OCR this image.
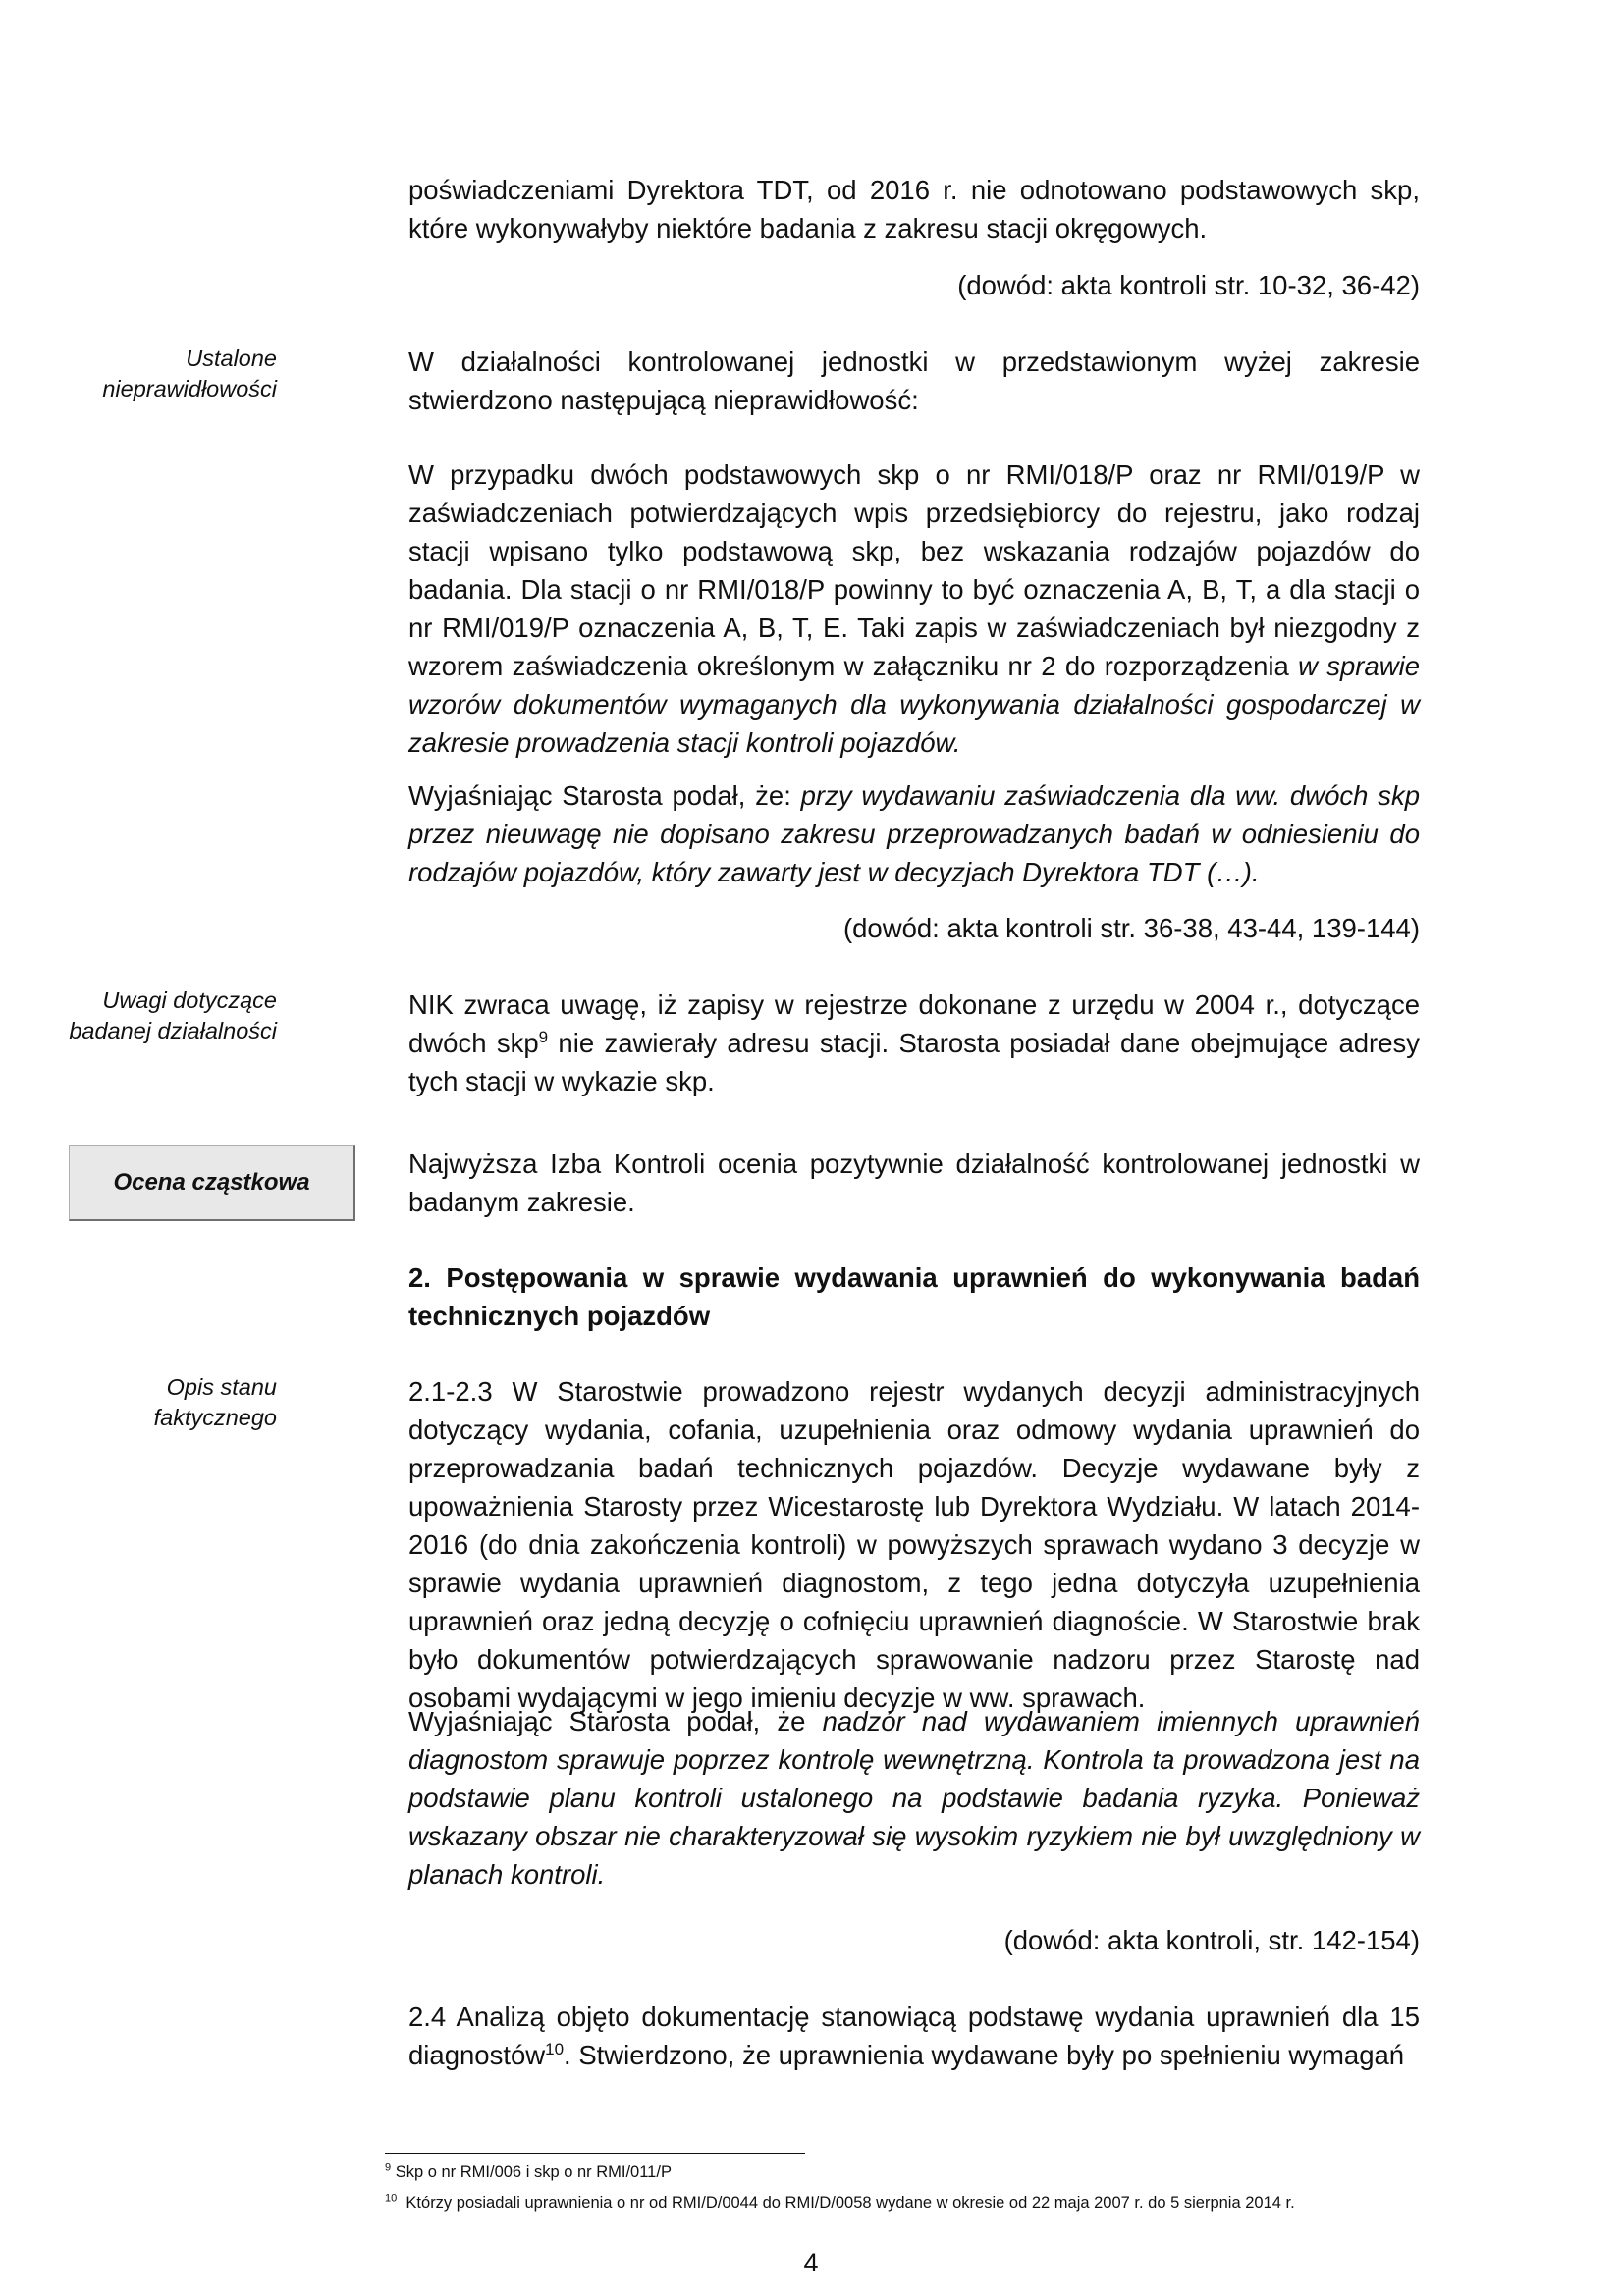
poświadczeniami Dyrektora TDT, od 2016 r. nie odnotowano podstawowych skp, które wykonywałyby niektóre badania z zakresu stacji okręgowych.

(dowód: akta kontroli str. 10-32, 36-42)

W działalności kontrolowanej jednostki w przedstawionym wyżej zakresie stwierdzono następującą nieprawidłowość:

W przypadku dwóch podstawowych skp o nr RMI/018/P oraz nr RMI/019/P w zaświadczeniach potwierdzających wpis przedsiębiorcy do rejestru, jako rodzaj stacji wpisano tylko podstawową skp, bez wskazania rodzajów pojazdów do badania. Dla stacji o nr RMI/018/P powinny to być oznaczenia A, B, T, a dla stacji o nr RMI/019/P oznaczenia A, B, T, E. Taki zapis w zaświadczeniach był niezgodny z wzorem zaświadczenia określonym w załączniku nr 2 do rozporządzenia w sprawie wzorów dokumentów wymaganych dla wykonywania działalności gospodarczej w zakresie prowadzenia stacji kontroli pojazdów.

Wyjaśniając Starosta podał, że: przy wydawaniu zaświadczenia dla ww. dwóch skp przez nieuwagę nie dopisano zakresu przeprowadzanych badań w odniesieniu do rodzajów pojazdów, który zawarty jest w decyzjach Dyrektora TDT (…).

(dowód: akta kontroli str. 36-38, 43-44, 139-144)

NIK zwraca uwagę, iż zapisy w rejestrze dokonane z urzędu w 2004 r., dotyczące dwóch skp$^9$ nie zawierały adresu stacji. Starosta posiadał dane obejmujące adresy tych stacji w wykazie skp.

Najwyższa Izba Kontroli ocenia pozytywnie działalność kontrolowanej jednostki w badanym zakresie.

2. Postępowania w sprawie wydawania uprawnień do wykonywania badań technicznych pojazdów

2.1-2.3 W Starostwie prowadzono rejestr wydanych decyzji administracyjnych dotyczący wydania, cofania, uzupełnienia oraz odmowy wydania uprawnień do przeprowadzania badań technicznych pojazdów. Decyzje wydawane były z upoważnienia Starosty przez Wicestarostę lub Dyrektora Wydziału. W latach 2014-2016 (do dnia zakończenia kontroli) w powyższych sprawach wydano 3 decyzje w sprawie wydania uprawnień diagnostom, z tego jedna dotyczyła uzupełnienia uprawnień oraz jedną decyzję o cofnięciu uprawnień diagnoście. W Starostwie brak było dokumentów potwierdzających sprawowanie nadzoru przez Starostę nad osobami wydającymi w jego imieniu decyzje w ww. sprawach.

Wyjaśniając Starosta podał, że nadzór nad wydawaniem imiennych uprawnień diagnostom sprawuje poprzez kontrolę wewnętrzną. Kontrola ta prowadzona jest na podstawie planu kontroli ustalonego na podstawie badania ryzyka. Ponieważ wskazany obszar nie charakteryzował się wysokim ryzykiem nie był uwzględniony w planach kontroli.

(dowód: akta kontroli, str. 142-154)

2.4 Analizą objęto dokumentację stanowiącą podstawę wydania uprawnień dla 15 diagnostów$^{10}$. Stwierdzono, że uprawnienia wydawane były po spełnieniu wymagań

Ustalone
nieprawidłowości
Uwagi dotyczące
badanej działalności
Ocena cząstkowa
Opis stanu
faktycznego
$^9$ Skp o nr RMI/006 i skp o nr RMI/011/P
$^{10}$ Którzy posiadali uprawnienia o nr od RMI/D/0044 do RMI/D/0058 wydane w okresie od 22 maja 2007 r. do 5 sierpnia 2014 r.
4
